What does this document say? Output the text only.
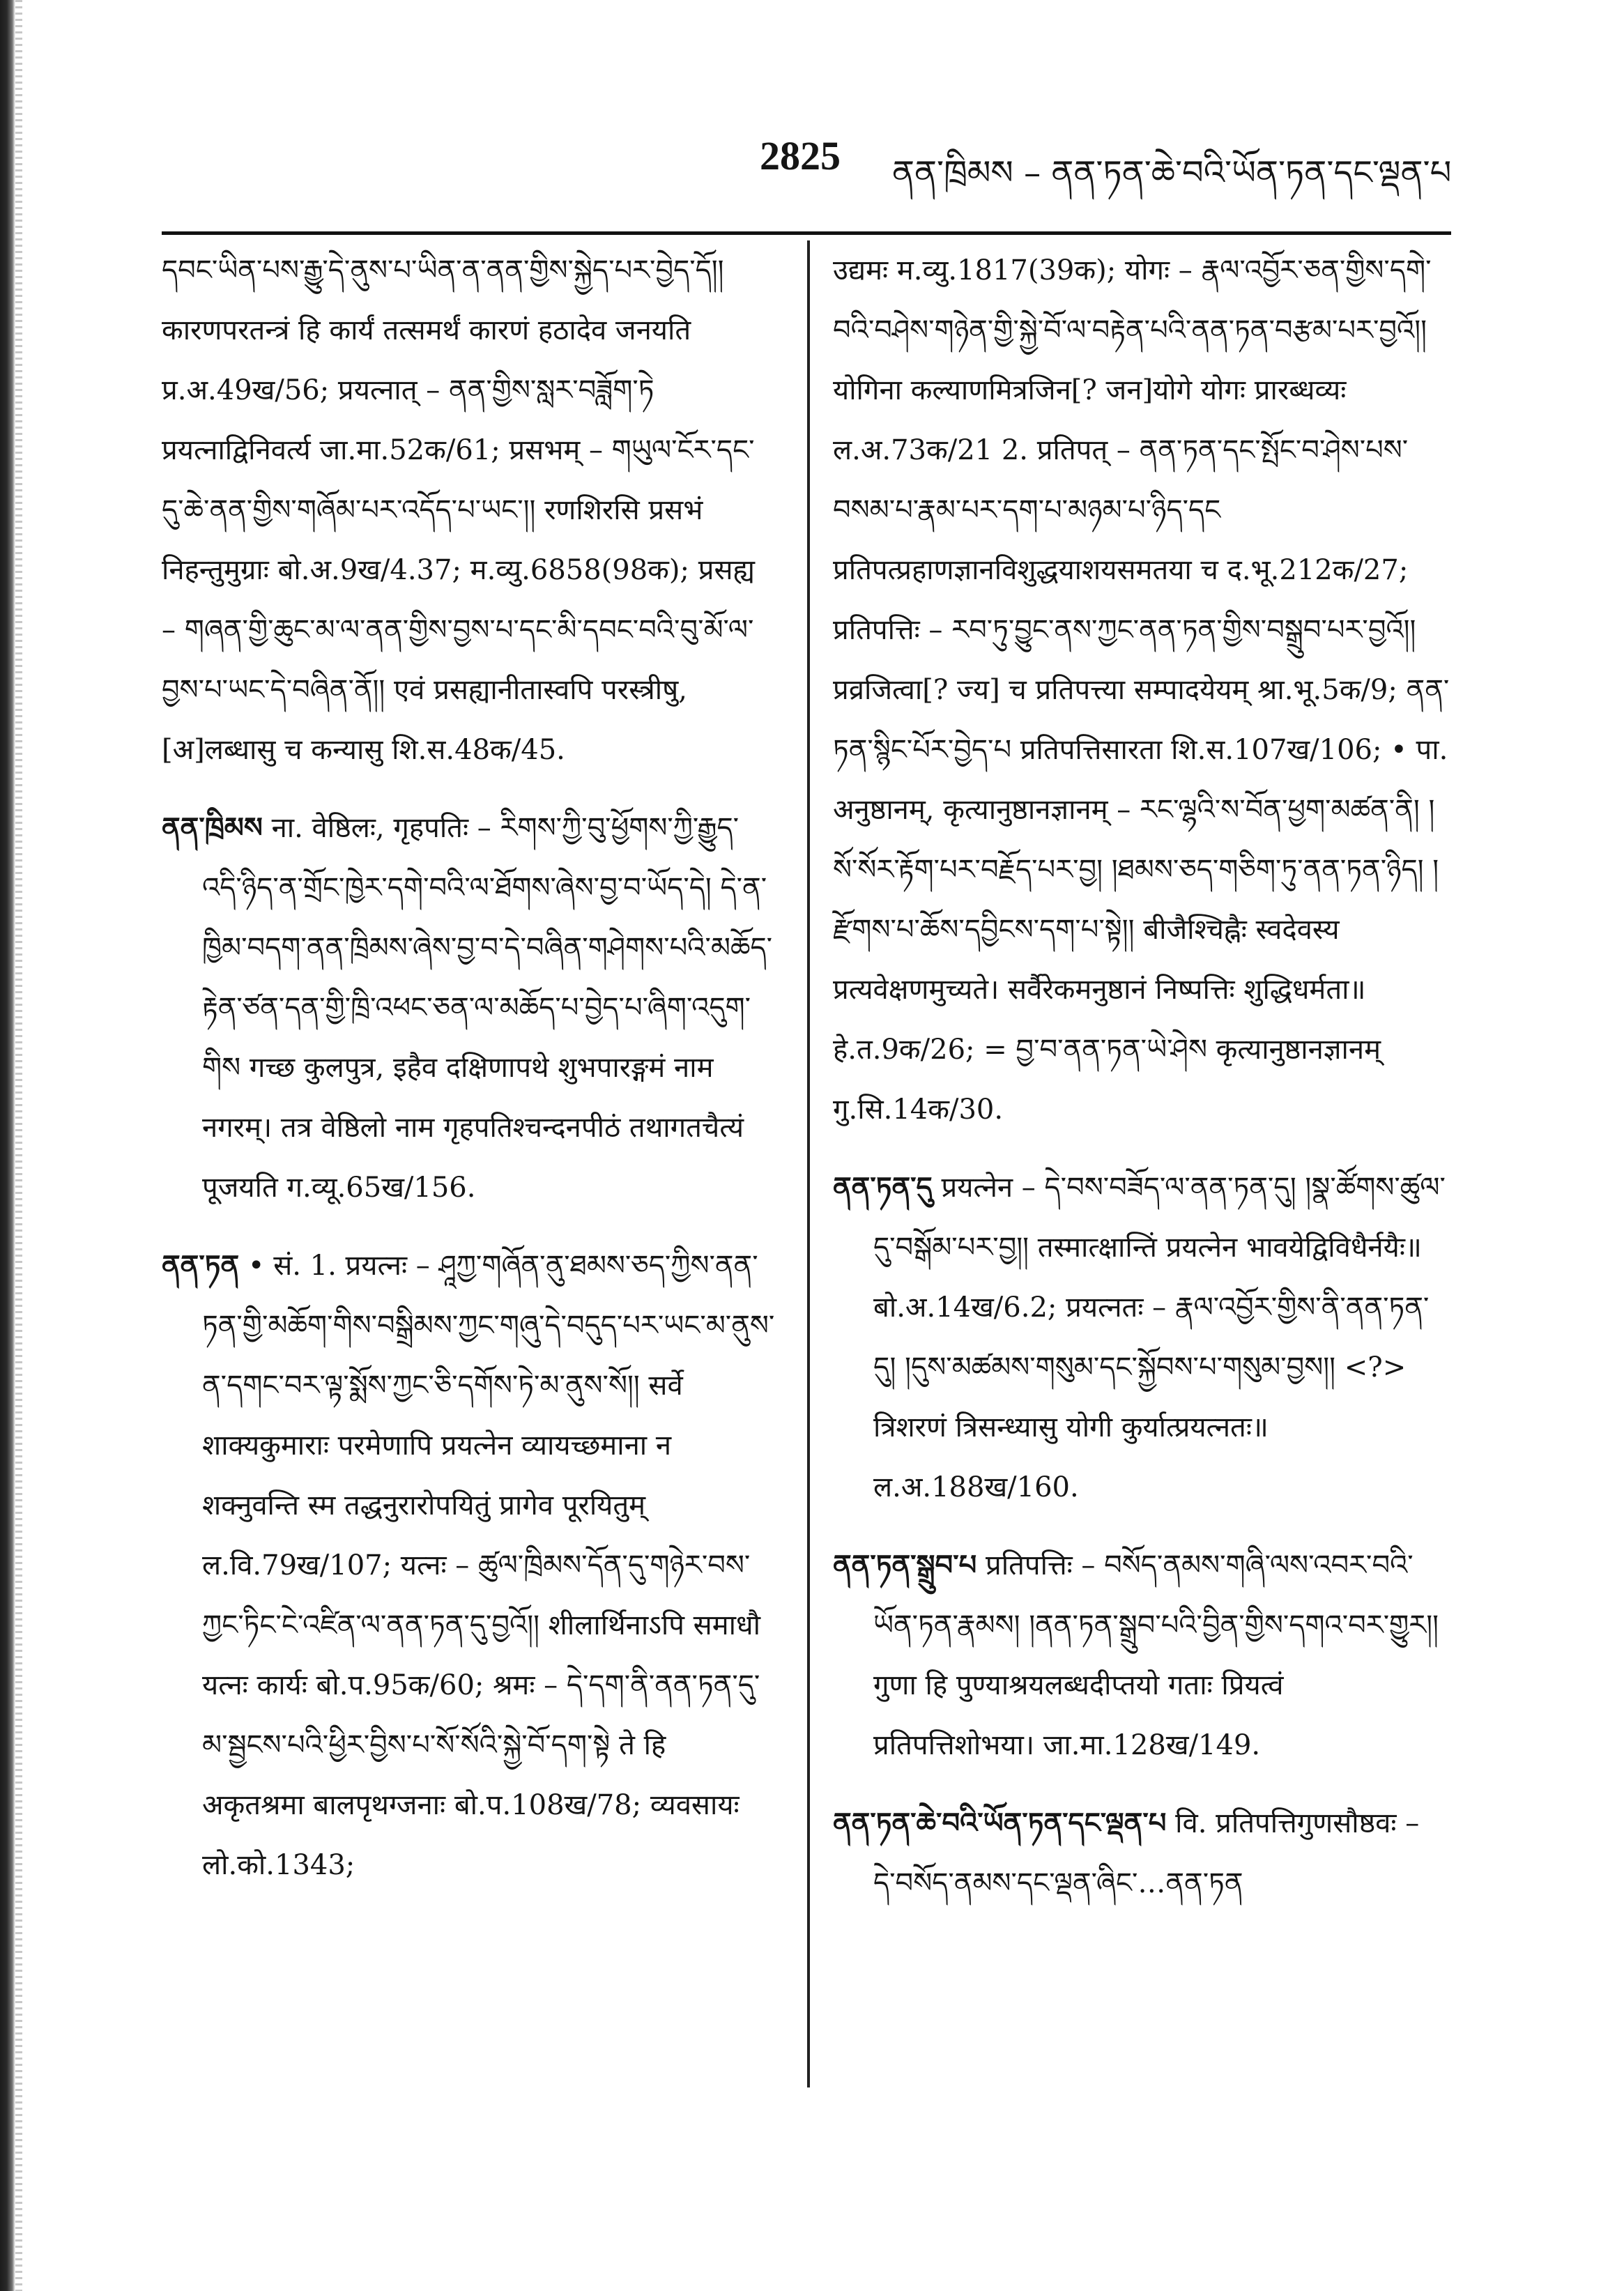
2825 ནན་ཁྲིམས – ནན་ཏན་ཆེ་བའི་ཡོན་ཏན་དང་ལྡན་པ

དབང་ཡིན་པས་རྒྱུ་དེ་ནུས་པ་ཡིན་ན་ནན་གྱིས་སྐྱེད་པར་བྱེད་དོ།། कारणपरतन्त्रं हि कार्यं तत्समर्थं कारणं हठादेव जनयति प्र.अ.49ख/56; प्रयत्नात् – ནན་གྱིས་སླར་བཟློག་ཏེ प्रयत्नाद्विनिवर्त्य जा.मा.52क/61; प्रसभम् – གཡུལ་ངོར་དང་དུ་ཆེ་ནན་གྱིས་གཞོམ་པར་འདོད་པ་ཡང་།། रणशिरसि प्रसभं निहन्तुमुग्राः बो.अ.9ख/4.37; म.व्यु.6858(98क); प्रसह्य – གཞན་གྱི་ཆུང་མ་ལ་ནན་གྱིས་བྱས་པ་དང་མི་དབང་བའི་བུ་མོ་ལ་བྱས་པ་ཡང་དེ་བཞིན་ནོ།། एवं प्रसह्यानीतास्वपि परस्त्रीषु, [अ]लब्धासु च कन्यासु शि.स.48क/45.

ནན་ཁྲིམས ना. वेष्ठिलः, गृहपतिः – རིགས་ཀྱི་བུ་ཕྱོགས་ཀྱི་རྒྱུད་འདི་ཉིད་ན་གྲོང་ཁྱེར་དགེ་བའི་ལ་ཐོགས་ཞེས་བྱ་བ་ཡོད་དེ། དེ་ན་ཁྱིམ་བདག་ནན་ཁྲིམས་ཞེས་བྱ་བ་དེ་བཞིན་གཤེགས་པའི་མཆོད་རྟེན་ཙན་དན་གྱི་ཁྲི་འཕང་ཅན་ལ་མཆོད་པ་བྱེད་པ་ཞིག་འདུག་གིས गच्छ कुलपुत्र, इहैव दक्षिणापथे शुभपारङ्गमं नाम नगरम्। तत्र वेष्ठिलो नाम गृहपतिश्चन्दनपीठं तथागतचैत्यं पूजयति ग.व्यू.65ख/156.
ནན་ཏན • सं. 1. प्रयत्नः – ཤཱཀྱ་གཞོན་ནུ་ཐམས་ཅད་ཀྱིས་ནན་ཏན་གྱི་མཆོག་གིས་བསྒྲིམས་ཀྱང་གཞུ་དེ་བདུད་པར་ཡང་མ་ནུས་ན་དགང་བར་ལྟ་སྨོས་ཀྱང་ཅི་དགོས་ཏེ་མ་ནུས་སོ།། सर्वे शाक्यकुमाराः परमेणापि प्रयत्नेन व्यायच्छमाना न शक्नुवन्ति स्म तद्धनुरारोपयितुं प्रागेव पूरयितुम् ल.वि.79ख/107; यत्नः – ཚུལ་ཁྲིམས་དོན་དུ་གཉེར་བས་ཀྱང་ཏིང་ངེ་འཛིན་ལ་ནན་ཏན་དུ་བྱའོ།། शीलार्थिनाऽपि समाधौ यत्नः कार्यः बो.प.95क/60; श्रमः – དེ་དག་ནི་ནན་ཏན་དུ་མ་སྦྱངས་པའི་ཕྱིར་བྱིས་པ་སོ་སོའི་སྐྱེ་བོ་དག་སྟེ ते हि अकृतश्रमा बालपृथग्जनाः बो.प.108ख/78; व्यवसायः लो.को.1343;

उद्यमः म.व्यु.1817(39क); योगः – རྣལ་འབྱོར་ཅན་གྱིས་དགེ་བའི་བཤེས་གཉེན་གྱི་སྐྱེ་བོ་ལ་བརྟེན་པའི་ནན་ཏན་བརྩམ་པར་བྱའོ།། योगिना कल्याणमित्रजिन[? जन]योगे योगः प्रारब्धव्यः ल.अ.73क/21 2. प्रतिपत् – ནན་ཏན་དང་སྤོང་བ་ཤེས་པས་བསམ་པ་རྣམ་པར་དག་པ་མཉམ་པ་ཉིད་དང प्रतिपत्प्रहाणज्ञानविशुद्धयाशयसमतया च द.भू.212क/27; प्रतिपत्तिः – རབ་ཏུ་བྱུང་ནས་ཀྱང་ནན་ཏན་གྱིས་བསྒྲུབ་པར་བྱའོ།། प्रव्रजित्वा[? ज्य] च प्रतिपत्त्या सम्पादयेयम् श्रा.भू.5क/9; ནན་ཏན་སྙིང་པོར་བྱེད་པ प्रतिपत्तिसारता शि.स.107ख/106; • पा. अनुष्ठानम्, कृत्यानुष्ठानज्ञानम् – རང་ལྷའི་ས་བོན་ཕྱག་མཚན་ནི། །སོ་སོར་རྟོག་པར་བརྗོད་པར་བྱ། །ཐམས་ཅད་གཅིག་ཏུ་ནན་ཏན་ཉིད། །རྫོགས་པ་ཆོས་དབྱིངས་དག་པ་སྟེ།། बीजैश्चिह्नैः स्वदेवस्य प्रत्यवेक्षणमुच्यते। सर्वैरेकमनुष्ठानं निष्पत्तिः शुद्धिधर्मता॥ हे.त.9क/26; = བྱ་བ་ནན་ཏན་ཡེ་ཤེས कृत्यानुष्ठानज्ञानम् गु.सि.14क/30.

ནན་ཏན་དུ प्रयत्नेन – དེ་བས་བཟོད་ལ་ནན་ཏན་དུ། །སྣ་ཚོགས་ཚུལ་དུ་བསྒོམ་པར་བྱ།། तस्मात्क्षान्तिं प्रयत्नेन भावयेद्विविधैर्नयैः॥ बो.अ.14ख/6.2; प्रयत्नतः – རྣལ་འབྱོར་གྱིས་ནི་ནན་ཏན་དུ། །དུས་མཚམས་གསུམ་དང་སྐྱོབས་པ་གསུམ་བྱས།། <?> त्रिशरणं त्रिसन्ध्यासु योगी कुर्यात्प्रयत्नतः॥ ल.अ.188ख/160.
ནན་ཏན་སྒྲུབ་པ प्रतिपत्तिः – བསོད་ནམས་གཞི་ལས་འབར་བའི་ཡོན་ཏན་རྣམས། །ནན་ཏན་སྒྲུབ་པའི་བྱིན་གྱིས་དགའ་བར་གྱུར།། गुणा हि पुण्याश्रयलब्धदीप्तयो गताः प्रियत्वं प्रतिपत्तिशोभया। जा.मा.128ख/149.
ནན་ཏན་ཆེ་བའི་ཡོན་ཏན་དང་ལྡན་པ वि. प्रतिपत्तिगुणसौष्ठवः – དེ་བསོད་ནམས་དང་ལྡན་ཞིང་…ནན་ཏན
